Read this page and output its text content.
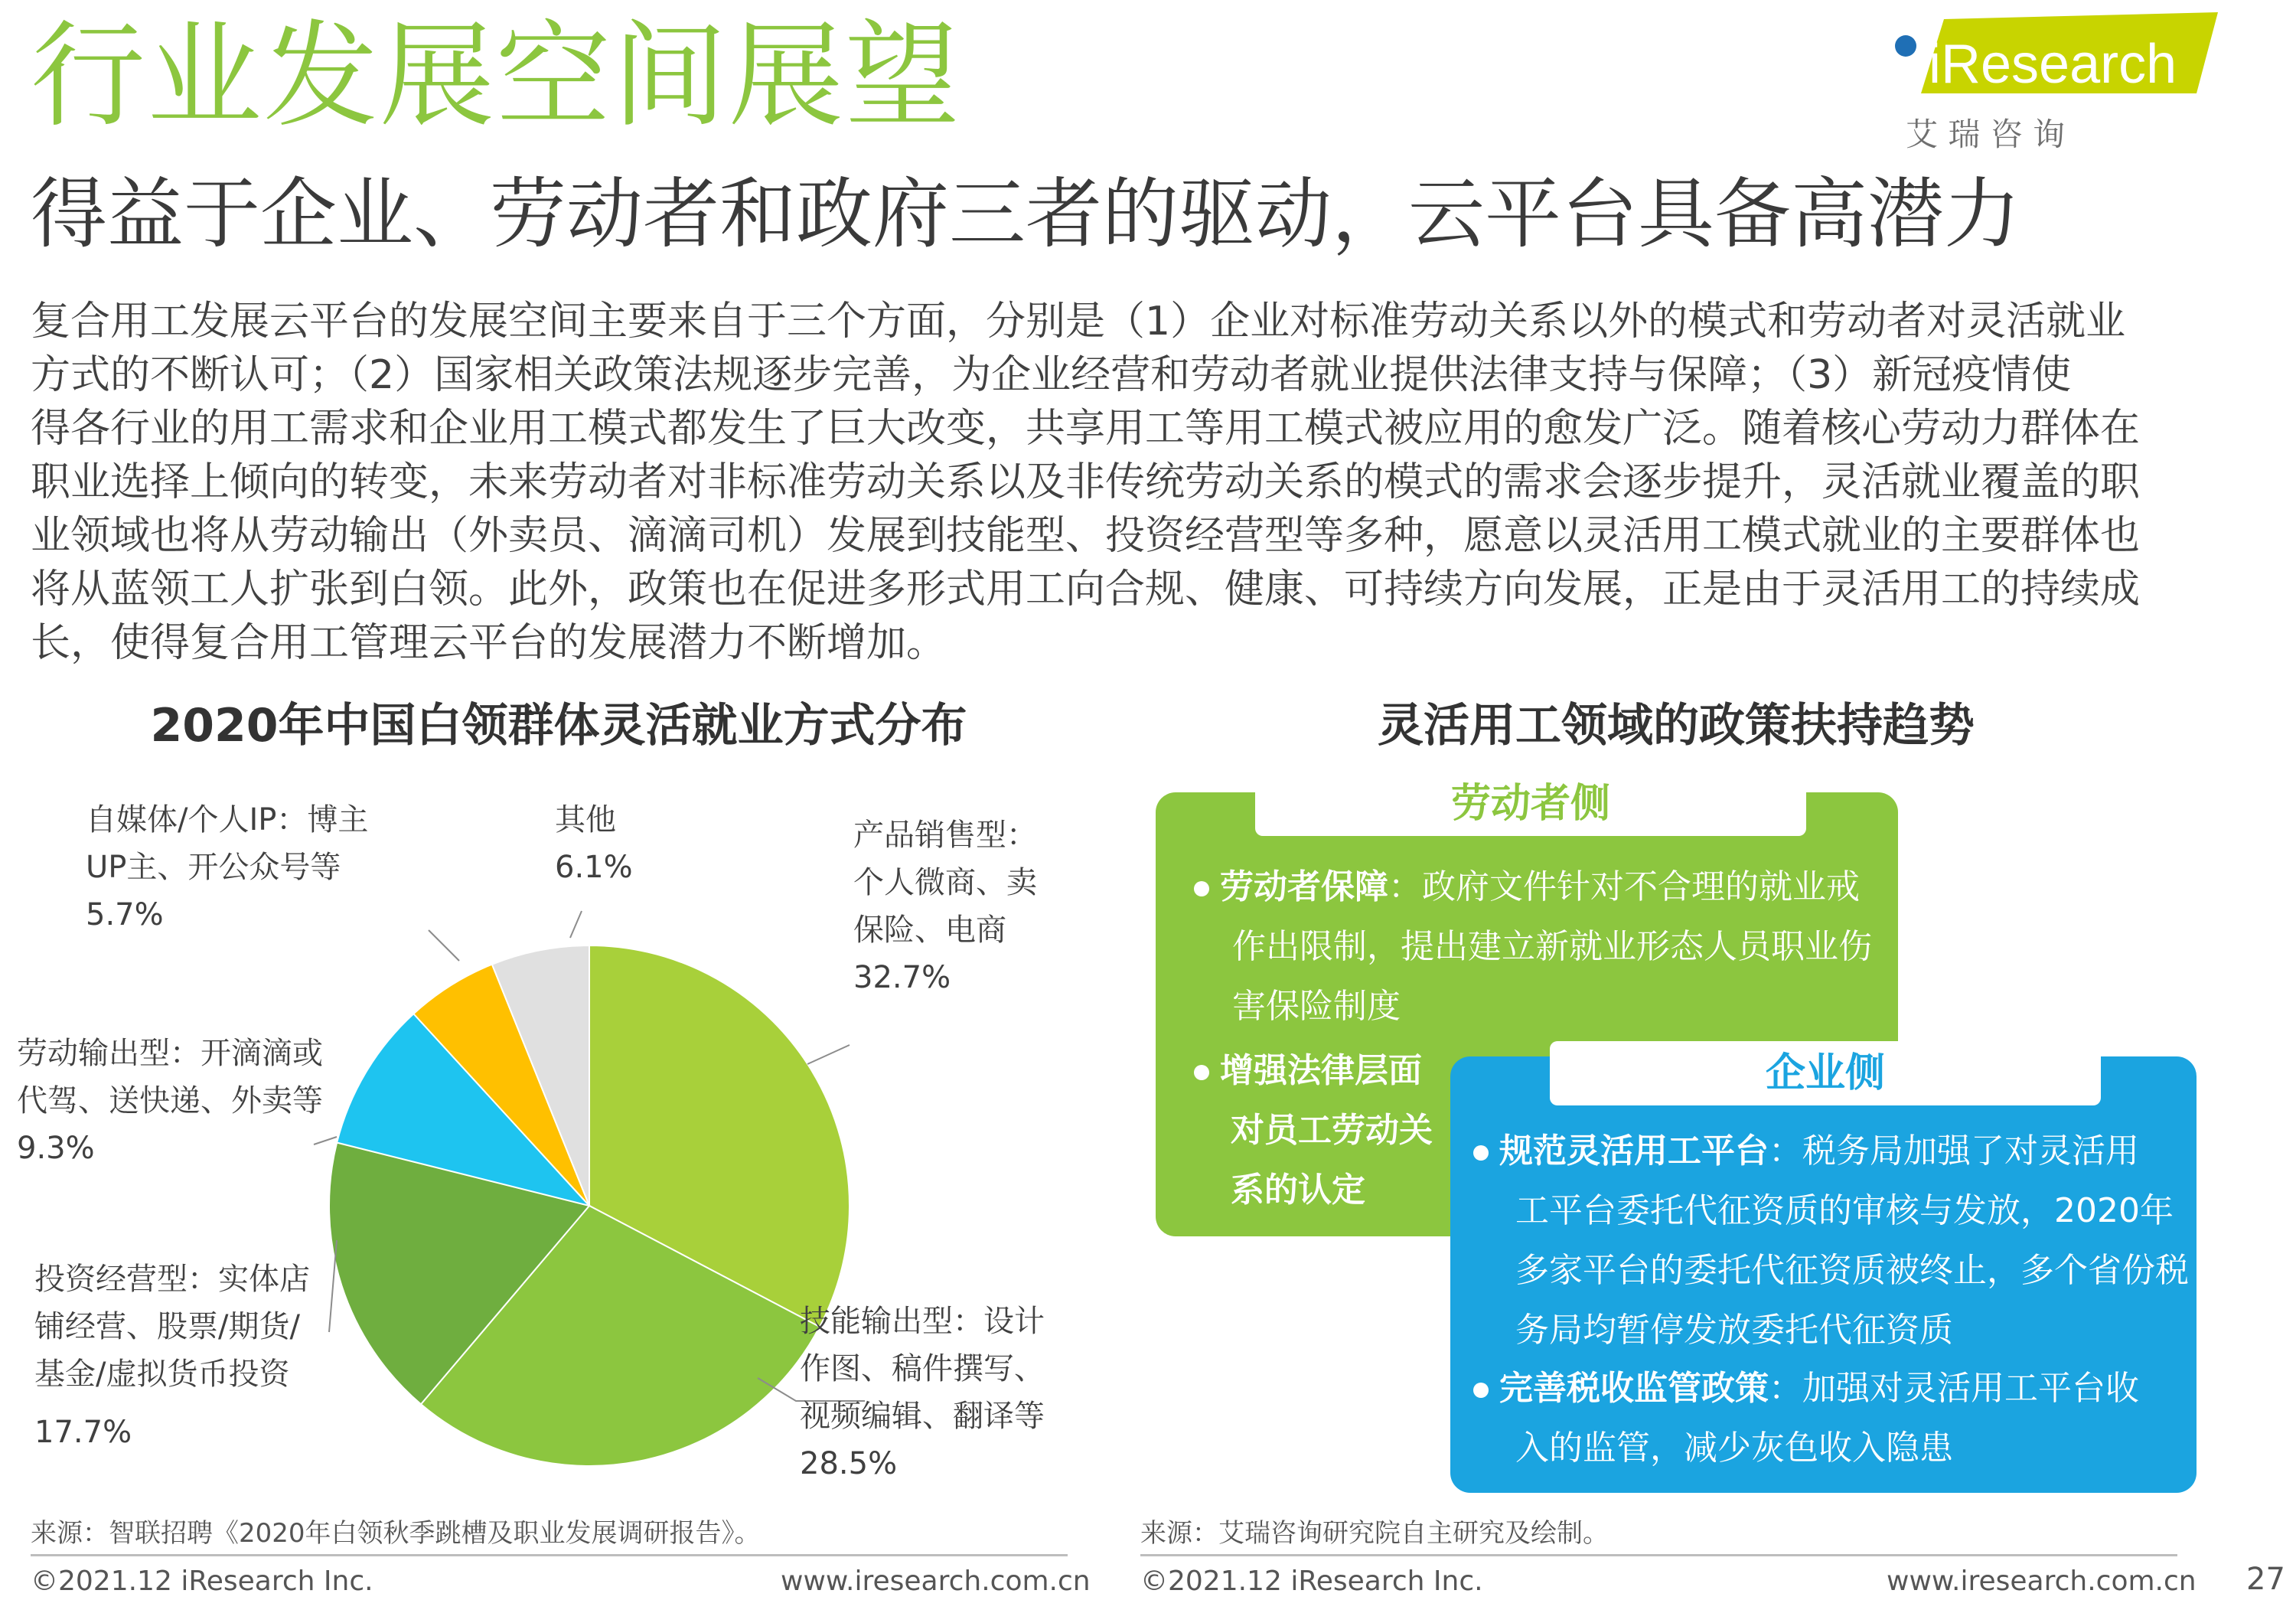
行业发展空间展望
得益于企业、劳动者和政府三者的驱动，云平台具备高潜力
iResearch
艾 瑞 咨 询
复合用工发展云平台的发展空间主要来自于三个方面，分别是（1）企业对标准劳动关系以外的模式和劳动者对灵活就业
方式的不断认可；（2）国家相关政策法规逐步完善，为企业经营和劳动者就业提供法律支持与保障；（3）新冠疫情使
得各行业的用工需求和企业用工模式都发生了巨大改变，共享用工等用工模式被应用的愈发广泛。随着核心劳动力群体在
职业选择上倾向的转变，未来劳动者对非标准劳动关系以及非传统劳动关系的模式的需求会逐步提升，灵活就业覆盖的职
业领域也将从劳动输出（外卖员、滴滴司机）发展到技能型、投资经营型等多种，愿意以灵活用工模式就业的主要群体也
将从蓝领工人扩张到白领。此外，政策也在促进多形式用工向合规、健康、可持续方向发展，正是由于灵活用工的持续成
长，使得复合用工管理云平台的发展潜力不断增加。
2020年中国白领群体灵活就业方式分布
产品销售型：
个人微商、卖
保险、电商
32.7%
技能输出型：设计
作图、稿件撰写、
视频编辑、翻译等
28.5%
投资经营型：实体店
铺经营、股票/期货/
基金/虚拟货币投资
17.7%
劳动输出型：开滴滴或
代驾、送快递、外卖等
9.3%
自媒体/个人IP：博主
UP主、开公众号等
5.7%
其他
6.1%
灵活用工领域的政策扶持趋势
劳动者侧
劳动者保障：政府文件针对不合理的就业戒
作出限制，提出建立新就业形态人员职业伤
害保险制度
增强法律层面
对员工劳动关
系的认定
企业侧
规范灵活用工平台：税务局加强了对灵活用
工平台委托代征资质的审核与发放，2020年
多家平台的委托代征资质被终止，多个省份税
务局均暂停发放委托代征资质
完善税收监管政策：加强对灵活用工平台收
入的监管，减少灰色收入隐患
来源：智联招聘《2020年白领秋季跳槽及职业发展调研报告》。	来源：艾瑞咨询研究院自主研究及绘制。
©2021.12 iResearch Inc.	www.iresearch.com.cn ©2021.12 iResearch Inc.	www.iresearch.com.cn 27
